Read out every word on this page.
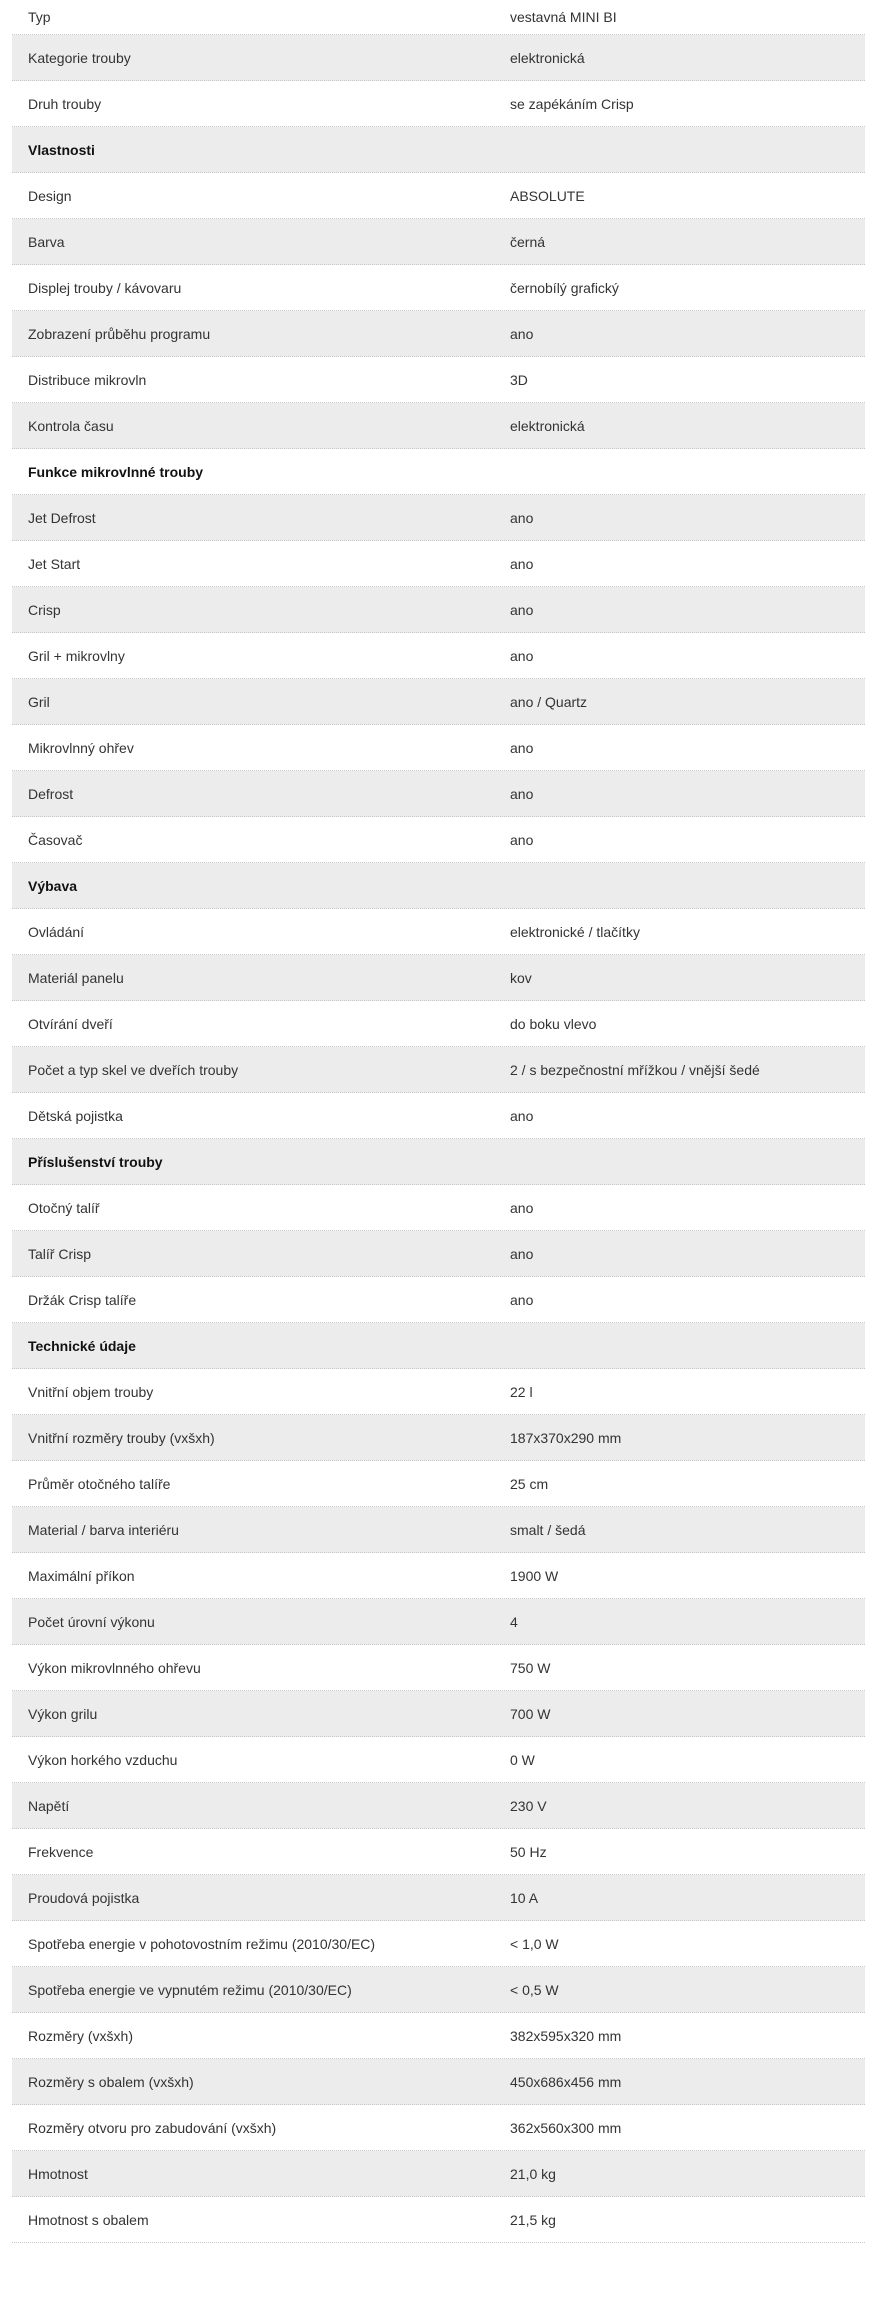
Typ	vestavná MINI BI
Kategorie trouby	elektronická
Druh trouby	se zapékáním Crisp
Vlastnosti
Design	ABSOLUTE
Barva	černá
Displej trouby / kávovaru	černobílý grafický
Zobrazení průběhu programu	ano
Distribuce mikrovln	3D
Kontrola času	elektronická
Funkce mikrovlnné trouby
Jet Defrost	ano
Jet Start	ano
Crisp	ano
Gril + mikrovlny	ano
Gril	ano / Quartz
Mikrovlnný ohřev	ano
Defrost	ano
Časovač	ano
Výbava
Ovládání	elektronické / tlačítky
Materiál panelu	kov
Otvírání dveří	do boku vlevo
Počet a typ skel ve dveřích trouby	2 / s bezpečnostní mřížkou / vnější šedé
Dětská pojistka	ano
Příslušenství trouby
Otočný talíř	ano
Talíř Crisp	ano
Držák Crisp talíře	ano
Technické údaje
Vnitřní objem trouby	22 l
Vnitřní rozměry trouby (vxšxh)	187x370x290 mm
Průměr otočného talíře	25 cm
Material / barva interiéru	smalt / šedá
Maximální příkon	1900 W
Počet úrovní výkonu	4
Výkon mikrovlnného ohřevu	750 W
Výkon grilu	700 W
Výkon horkého vzduchu	0 W
Napětí	230 V
Frekvence	50 Hz
Proudová pojistka	10 A
Spotřeba energie v pohotovostním režimu (2010/30/EC)	< 1,0 W
Spotřeba energie ve vypnutém režimu (2010/30/EC)	< 0,5 W
Rozměry (vxšxh)	382x595x320 mm
Rozměry s obalem (vxšxh)	450x686x456 mm
Rozměry otvoru pro zabudování (vxšxh)	362x560x300 mm
Hmotnost	21,0 kg
Hmotnost s obalem	21,5 kg
